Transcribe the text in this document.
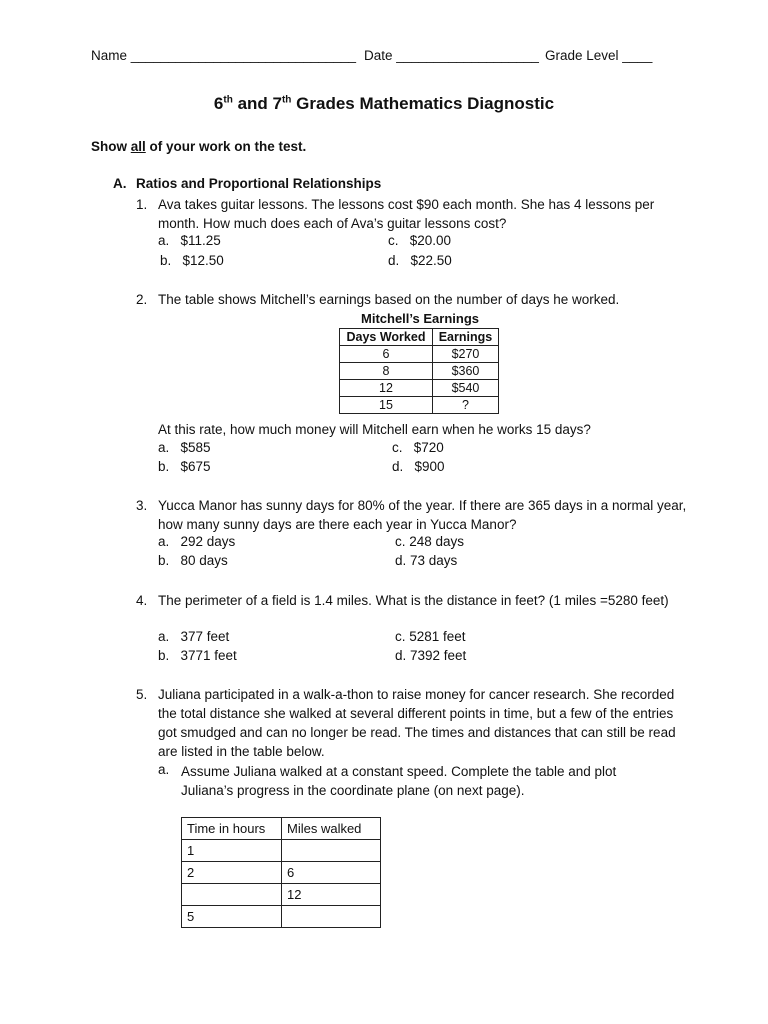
Name ______________________________ Date ___________________ Grade Level ____
6th and 7th Grades Mathematics Diagnostic
Show all of your work on the test.
A. Ratios and Proportional Relationships
1. Ava takes guitar lessons. The lessons cost $90 each month. She has 4 lessons per month. How much does each of Ava’s guitar lessons cost?
a.   $11.25
b.   $12.50
c.   $20.00
d.   $22.50
2. The table shows Mitchell’s earnings based on the number of days he worked.
Mitchell’s Earnings
Days Worked	Earnings
6	$270
8	$360
12	$540
15	?
At this rate, how much money will Mitchell earn when he works 15 days?
a.   $585
b.   $675
c.   $720
d.   $900
3. Yucca Manor has sunny days for 80% of the year. If there are 365 days in a normal year, how many sunny days are there each year in Yucca Manor?
a.   292 days
b.   80 days
c. 248 days
d. 73 days
4. The perimeter of a field is 1.4 miles. What is the distance in feet? (1 miles =5280 feet)
a.   377 feet
b.   3771 feet
c. 5281 feet
d. 7392 feet
5. Juliana participated in a walk-a-thon to raise money for cancer research. She recorded the total distance she walked at several different points in time, but a few of the entries got smudged and can no longer be read. The times and distances that can still be read are listed in the table below.
a. Assume Juliana walked at a constant speed. Complete the table and plot Juliana’s progress in the coordinate plane (on next page).
Time in hours	Miles walked
1	
2	6
	12
5	
